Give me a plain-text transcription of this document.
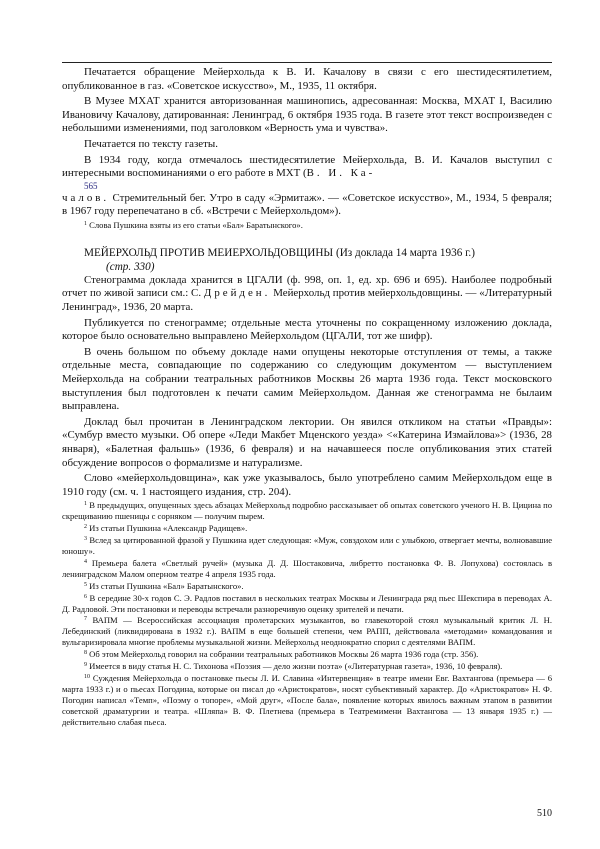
Печатается обращение Мейерхольда к В. И. Качалову в связи с его шестидесятилетием, опубликованное в газ. «Советское искусство», М., 1935, 11 октября.

В Музее МХАТ хранится авторизованная машинопись, адресованная: Москва, МХАТ I, Василию Ивановичу Качалову, датированная: Ленинград, 6 октября 1935 года. В газете этот текст воспроизведен с небольшими изменениями, под заголовком «Верность ума и чувства».

Печатается по тексту газеты.

В 1934 году, когда отмечалось шестидесятилетие Мейерхольда, В. И. Качалов выступил с интересными воспоминаниями о его работе в МХТ (В. И. Ка-

565

чалов. Стремительный бег. Утро в саду «Эрмитаж». — «Советское искусство», М., 1934, 5 февраля; в 1967 году перепечатано в сб. «Встречи с Мейерхольдом»).

$^1$ Слова Пушкина взяты из его статьи «Бал» Баратынского».

МЕЙЕРХОЛЬД ПРОТИВ МЕИЕРХОЛЬДОВЩИНЫ (Из доклада 14 марта 1936 г.)
(стр. 330)

Стенограмма доклада хранится в ЦГАЛИ (ф. 998, оп. 1, ед. хр. 696 и 695). Наиболее подробный отчет по живой записи см.: С. Дрейден. Мейерхольд против мейерхольдовщины. — «Литературный Ленинград», 1936, 20 марта.

Публикуется по стенограмме; отдельные места уточнены по сокращенному изложению доклада, которое было основательно выправлено Мейерхольдом (ЦГАЛИ, тот же шифр).

В очень большом по объему докладе нами опущены некоторые отступления от темы, а также отдельные места, совпадающие по содержанию со следующим документом — выступлением Мейерхольда на собрании театральных работников Москвы 26 марта 1936 года. Текст московского выступления был подготовлен к печати самим Мейерхольдом. Данная же стенограмма не былаим выправлена.

Доклад был прочитан в Ленинградском лектории. Он явился откликом на статьи «Правды»: «Сумбур вместо музыки. Об опере «Леди Макбет Мценского уезда» <«Катерина Измайлова»> (1936, 28 января), «Балетная фальшь» (1936, 6 февраля) и на начавшееся после опубликования этих статей обсуждение вопросов о формализме и натурализме.

Слово «мейерхольдовщина», как уже указывалось, было употреблено самим Мейерхольдом еще в 1910 году (см. ч. 1 настоящего издания, стр. 204).

$^1$ В предыдущих, опущенных здесь абзацах Мейерхольд подробно рассказывает об опытах советского ученого Н. В. Цицина по скрещиванию пшеницы с сорняком — получим пырем.

$^2$ Из статьи Пушкина «Александр Радищев».

$^3$ Вслед за цитированной фразой у Пушкина идет следующая: «Муж, совздохом или с улыбкою, отвергает мечты, волновавшие юношу».

$^4$ Премьера балета «Светлый ручей» (музыка Д. Д. Шостаковича, либретто постановка Ф. В. Лопухова) состоялась в ленинградском Малом оперном театре 4 апреля 1935 года.

$^5$ Из статьи Пушкина «Бал» Баратынского».

$^6$ В середине 30-х годов С. Э. Радлов поставил в нескольких театрах Москвы и Ленинграда ряд пьес Шекспира в переводах А. Д. Радловой. Эти постановки и переводы встречали разноречивую оценку зрителей и печати.

$^7$ ВАПМ — Всероссийская ассоциация пролетарских музыкантов, во главекоторой стоял музыкальный критик Л. Н. Лебединский (ликвидирована в 1932 г.). ВАПМ в еще большей степени, чем РАПП, действовала «методами» командования и вульгаризировала многие проблемы музыкальной жизни. Мейерхольд неоднократно спорил с деятелями ВАПМ.

$^8$ Об этом Мейерхольд говорил на собрании театральных работников Москвы 26 марта 1936 года (стр. 356).

$^9$ Имеется в виду статья Н. С. Тихонова «Поэзия — дело жизни поэта» («Литературная газета», 1936, 10 февраля).

$^{10}$ Суждения Мейерхольда о постановке пьесы Л. И. Славина «Интервенция» в театре имени Евг. Вахтангова (премьера — 6 марта 1933 г.) и о пьесах Погодина, которые он писал до «Аристократов», носят субъективный характер. До «Аристократов» Н. Ф. Погодин написал «Темп», «Поэму о топоре», «Мой друг», «После бала», появление которых явилось важным этапом в развитии советской драматургии и театра. «Шляпа» В. Ф. Плетнева (премьера в Театремимени Вахтангова — 13 января 1935 г.) — действительно слабая пьеса.

510
